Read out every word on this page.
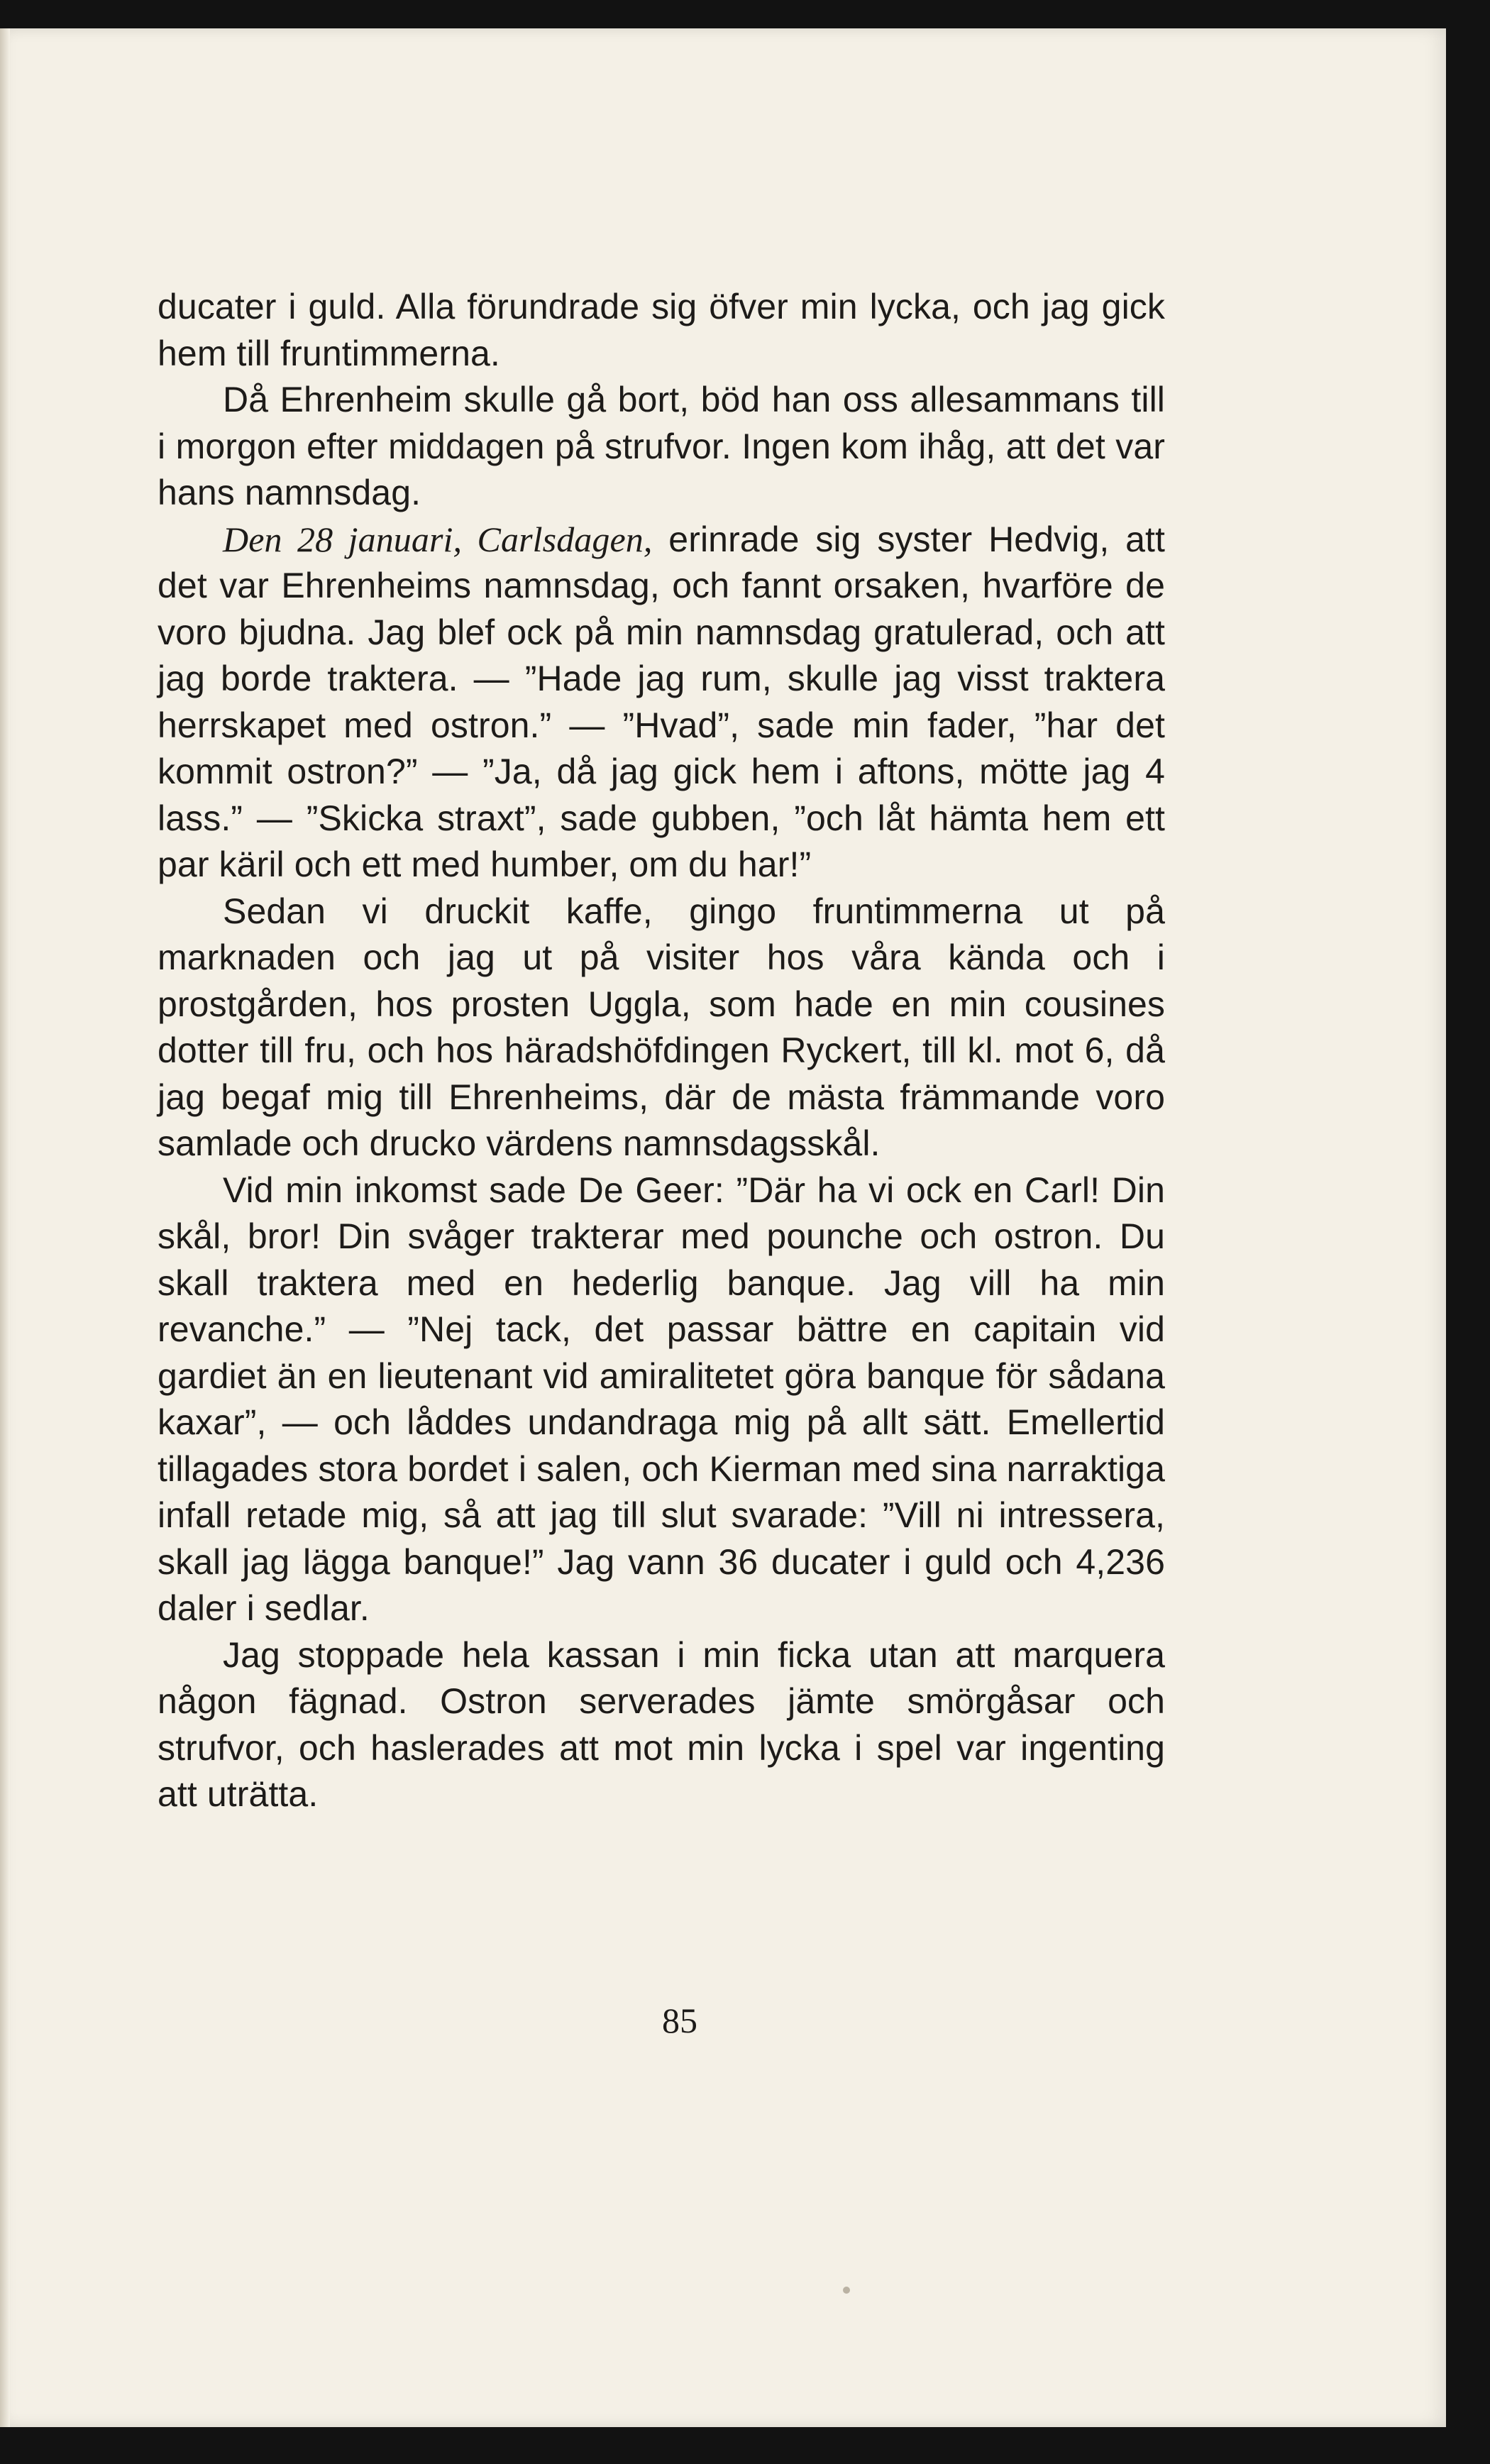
ducater i guld. Alla förundrade sig öfver min lycka, och jag gick hem till fruntimmerna.

Då Ehrenheim skulle gå bort, böd han oss allesammans till i morgon efter middagen på strufvor. Ingen kom ihåg, att det var hans namnsdag.

Den 28 januari, Carlsdagen, erinrade sig syster Hedvig, att det var Ehrenheims namnsdag, och fannt orsaken, hvarföre de voro bjudna. Jag blef ock på min namnsdag gratulerad, och att jag borde traktera. — ”Hade jag rum, skulle jag visst traktera herrskapet med ostron.” — ”Hvad”, sade min fader, ”har det kommit ostron?” — ”Ja, då jag gick hem i aftons, mötte jag 4 lass.” — ”Skicka straxt”, sade gubben, ”och låt hämta hem ett par käril och ett med humber, om du har!”

Sedan vi druckit kaffe, gingo fruntimmerna ut på marknaden och jag ut på visiter hos våra kända och i prostgården, hos prosten Uggla, som hade en min cousines dotter till fru, och hos häradshöfdingen Ryckert, till kl. mot 6, då jag begaf mig till Ehrenheims, där de mästa främmande voro samlade och drucko värdens namnsdagsskål.

Vid min inkomst sade De Geer: ”Där ha vi ock en Carl! Din skål, bror! Din svåger trakterar med pounche och ostron. Du skall traktera med en hederlig banque. Jag vill ha min revanche.” — ”Nej tack, det passar bättre en capitain vid gardiet än en lieutenant vid amiralitetet göra banque för sådana kaxar”, — och låddes undandraga mig på allt sätt. Emellertid tillagades stora bordet i salen, och Kierman med sina narraktiga infall retade mig, så att jag till slut svarade: ”Vill ni intressera, skall jag lägga banque!” Jag vann 36 ducater i guld och 4,236 daler i sedlar.

Jag stoppade hela kassan i min ficka utan att marquera någon fägnad. Ostron serverades jämte smörgåsar och strufvor, och haslerades att mot min lycka i spel var ingenting att uträtta.

85
